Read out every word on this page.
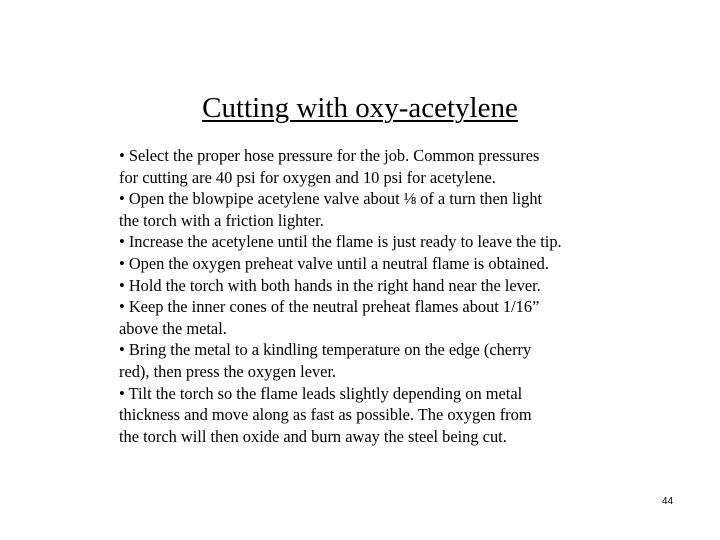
Cutting with oxy-acetylene
• Select the proper hose pressure for the job. Common pressures
for cutting are 40 psi for oxygen and 10 psi for acetylene.
• Open the blowpipe acetylene valve about ⅛ of a turn then light
the torch with a friction lighter.
• Increase the acetylene until the flame is just ready to leave the tip.
• Open the oxygen preheat valve until a neutral flame is obtained.
• Hold the torch with both hands in the right hand near the lever.
• Keep the inner cones of the neutral preheat flames about 1/16”
above the metal.
• Bring the metal to a kindling temperature on the edge (cherry
red), then press the oxygen lever.
• Tilt the torch so the flame leads slightly depending on metal
thickness and move along as fast as possible. The oxygen from
the torch will then oxide and burn away the steel being cut.
44
